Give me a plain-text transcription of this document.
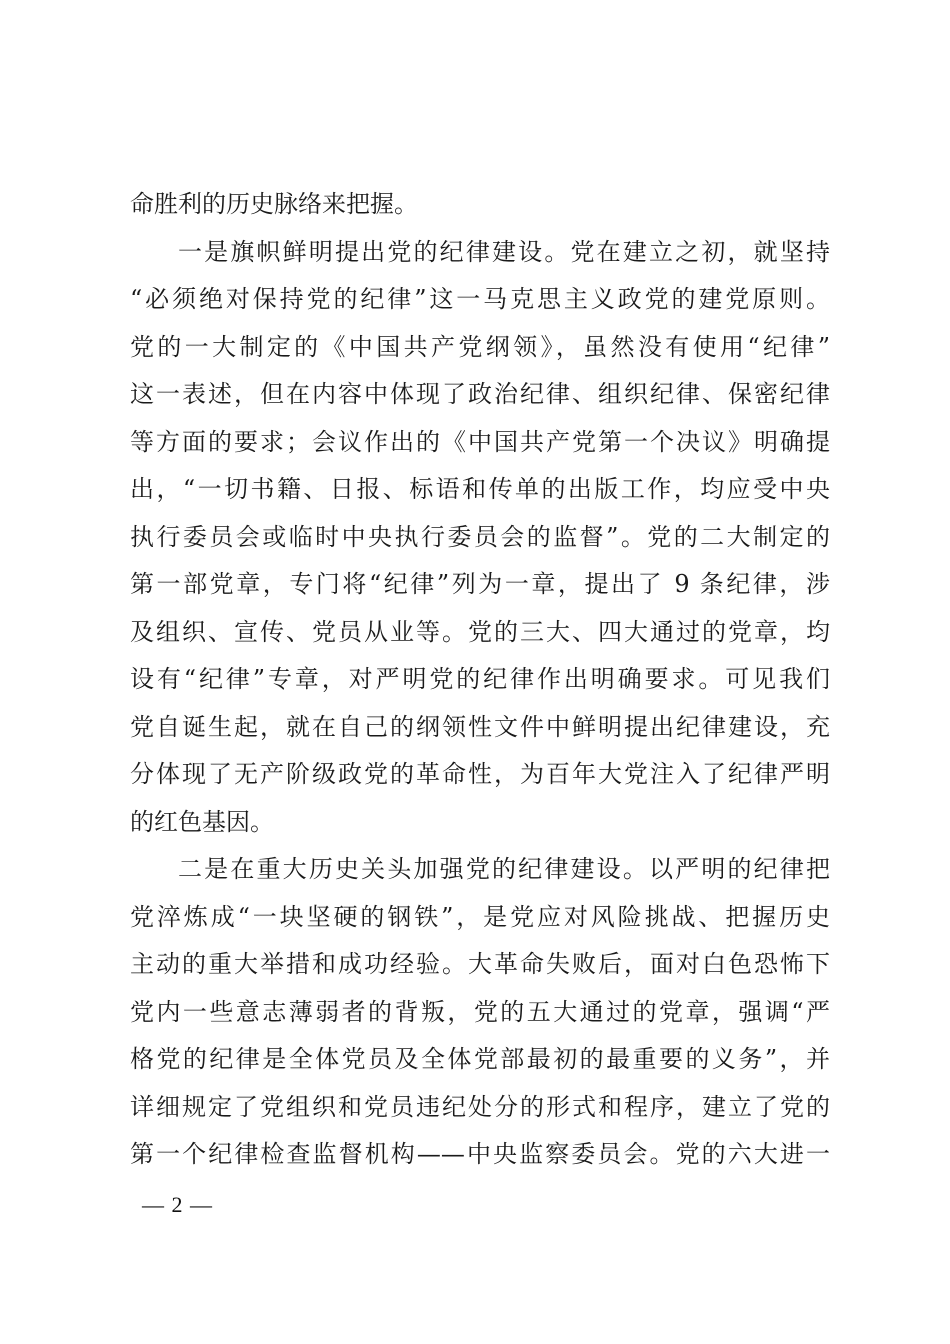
命胜利的历史脉络来把握。
一是旗帜鲜明提出党的纪律建设。党在建立之初，就坚持
“必须绝对保持党的纪律”这一马克思主义政党的建党原则。
党的一大制定的《中国共产党纲领》，虽然没有使用“纪律”
这一表述，但在内容中体现了政治纪律、组织纪律、保密纪律
等方面的要求；会议作出的《中国共产党第一个决议》明确提
出，“一切书籍、日报、标语和传单的出版工作，均应受中央
执行委员会或临时中央执行委员会的监督”。党的二大制定的
第一部党章，专门将“纪律”列为一章，提出了 9 条纪律，涉
及组织、宣传、党员从业等。党的三大、四大通过的党章，均
设有“纪律”专章，对严明党的纪律作出明确要求。可见我们
党自诞生起，就在自己的纲领性文件中鲜明提出纪律建设，充
分体现了无产阶级政党的革命性，为百年大党注入了纪律严明
的红色基因。
二是在重大历史关头加强党的纪律建设。以严明的纪律把
党淬炼成“一块坚硬的钢铁”，是党应对风险挑战、把握历史
主动的重大举措和成功经验。大革命失败后，面对白色恐怖下
党内一些意志薄弱者的背叛，党的五大通过的党章，强调“严
格党的纪律是全体党员及全体党部最初的最重要的义务”，并
详细规定了党组织和党员违纪处分的形式和程序，建立了党的
第一个纪律检查监督机构——中央监察委员会。党的六大进一
— 2 —
